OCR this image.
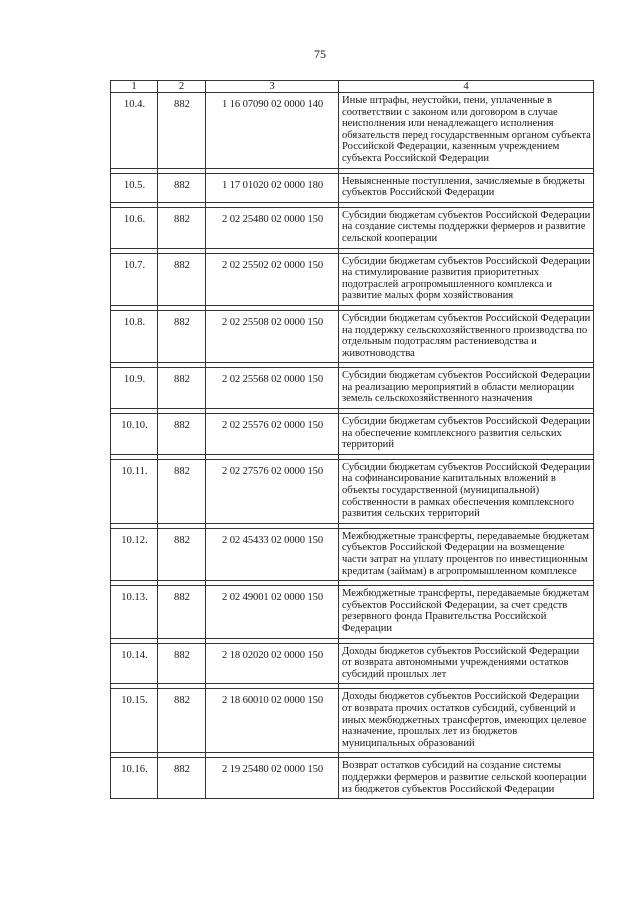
75
1	2	3	4
10.4.	882	1 16 07090 02 0000 140	Иные штрафы, неустойки, пени, уплаченные в соответствии с законом или договором в случае неисполнения или ненадлежащего исполнения обязательств перед государственным органом субъекта Российской Федерации, казенным учреждением субъекта Российской Федерации

10.5.	882	1 17 01020 02 0000 180	Невыясненные поступления, зачисляемые в бюджеты субъектов Российской Федерации

10.6.	882	2 02 25480 02 0000 150	Субсидии бюджетам субъектов Российской Федерации на создание системы поддержки фермеров и развитие сельской кооперации

10.7.	882	2 02 25502 02 0000 150	Субсидии бюджетам субъектов Российской Федерации на стимулирование развития приоритетных подотраслей агропромышленного комплекса и развитие малых форм хозяйствования

10.8.	882	2 02 25508 02 0000 150	Субсидии бюджетам субъектов Российской Федерации на поддержку сельскохозяйственного производства по отдельным подотраслям растениеводства и животноводства

10.9.	882	2 02 25568 02 0000 150	Субсидии бюджетам субъектов Российской Федерации на реализацию мероприятий в области мелиорации земель сельскохозяйственного назначения

10.10.	882	2 02 25576 02 0000 150	Субсидии бюджетам субъектов Российской Федерации на обеспечение комплексного развития сельских территорий

10.11.	882	2 02 27576 02 0000 150	Субсидии бюджетам субъектов Российской Федерации на софинансирование капитальных вложений в объекты государственной (муниципальной) собственности в рамках обеспечения комплексного развития сельских территорий

10.12.	882	2 02 45433 02 0000 150	Межбюджетные трансферты, передаваемые бюджетам субъектов Российской Федерации на возмещение части затрат на уплату процентов по инвестиционным кредитам (займам) в агропромышленном комплексе

10.13.	882	2 02 49001 02 0000 150	Межбюджетные трансферты, передаваемые бюджетам субъектов Российской Федерации, за счет средств резервного фонда Правительства Российской Федерации

10.14.	882	2 18 02020 02 0000 150	Доходы бюджетов субъектов Российской Федерации от возврата автономными учреждениями остатков субсидий прошлых лет

10.15.	882	2 18 60010 02 0000 150	Доходы бюджетов субъектов Российской Федерации от возврата прочих остатков субсидий, субвенций и иных межбюджетных трансфертов, имеющих целевое назначение, прошлых лет из бюджетов муниципальных образований

10.16.	882	2 19 25480 02 0000 150	Возврат остатков субсидий на создание системы поддержки фермеров и развитие сельской кооперации из бюджетов субъектов Российской Федерации
